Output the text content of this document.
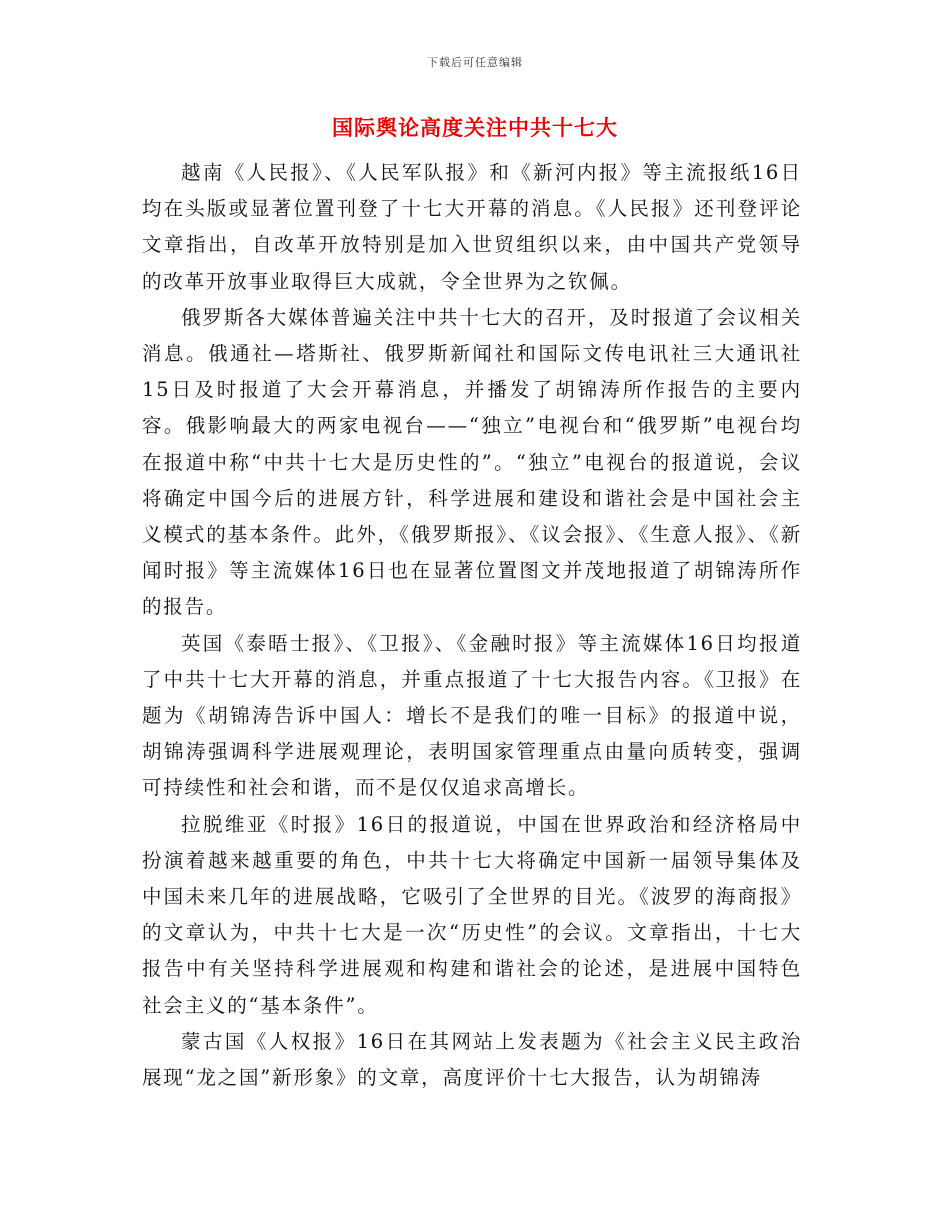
下载后可任意编辑
国际舆论高度关注中共十七大

越南《人民报》、《人民军队报》和《新河内报》等主流报纸16日均在头版或显著位置刊登了十七大开幕的消息。《人民报》还刊登评论文章指出，自改革开放特别是加入世贸组织以来，由中国共产党领导的改革开放事业取得巨大成就，令全世界为之钦佩。

俄罗斯各大媒体普遍关注中共十七大的召开，及时报道了会议相关消息。俄通社—塔斯社、俄罗斯新闻社和国际文传电讯社三大通讯社15日及时报道了大会开幕消息，并播发了胡锦涛所作报告的主要内容。俄影响最大的两家电视台——“独立”电视台和“俄罗斯”电视台均在报道中称“中共十七大是历史性的”。“独立”电视台的报道说，会议将确定中国今后的进展方针，科学进展和建设和谐社会是中国社会主义模式的基本条件。此外，《俄罗斯报》、《议会报》、《生意人报》、《新闻时报》等主流媒体16日也在显著位置图文并茂地报道了胡锦涛所作的报告。

英国《泰晤士报》、《卫报》、《金融时报》等主流媒体16日均报道了中共十七大开幕的消息，并重点报道了十七大报告内容。《卫报》在题为《胡锦涛告诉中国人：增长不是我们的唯一目标》的报道中说，胡锦涛强调科学进展观理论，表明国家管理重点由量向质转变，强调可持续性和社会和谐，而不是仅仅追求高增长。

拉脱维亚《时报》16日的报道说，中国在世界政治和经济格局中扮演着越来越重要的角色，中共十七大将确定中国新一届领导集体及中国未来几年的进展战略，它吸引了全世界的目光。《波罗的海商报》的文章认为，中共十七大是一次“历史性”的会议。文章指出，十七大报告中有关坚持科学进展观和构建和谐社会的论述，是进展中国特色社会主义的“基本条件”。

蒙古国《人权报》16日在其网站上发表题为《社会主义民主政治展现“龙之国”新形象》的文章，高度评价十七大报告，认为胡锦涛
